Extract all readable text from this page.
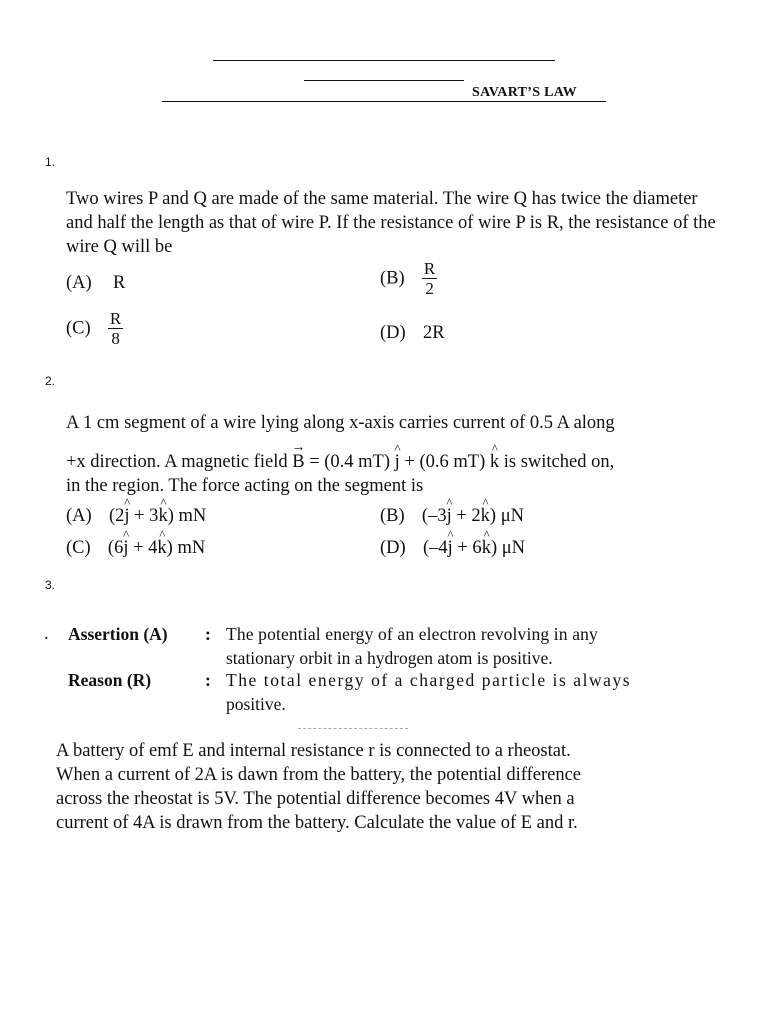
SAVART’S LAW
1.
Two wires P and Q are made of the same material. The wire Q has twice the diameter and half the length as that of wire P. If the resistance of wire P is R, the resistance of the wire Q will be
(A) R	$(B) \frac{R}{2}$
$(C) \frac{R}{8}$	(D) 2R
2.
A 1 cm segment of a wire lying along x-axis carries current of 0.5 A along
+x direction. A magnetic field → B = (0.4 mT) ^ j + (0.6 mT) ^ k is switched on,
in the region. The force acting on the segment is
(A) (2^ j + 3^ k) mN	(B) (–3^ j + 2^ k) μN
(C) (6^ j + 4^ k) mN	(D) (–4^ j + 6^ k) μN
3.
. Assertion (A) : The potential energy of an electron revolving in any
stationary orbit in a hydrogen atom is positive.
Reason (R)	: The total energy of a charged particle is always
positive.
A battery of emf E and internal resistance r is connected to a rheostat.
When a current of 2A is dawn from the battery, the potential difference
across the rheostat is 5V. The potential difference becomes 4V when a
current of 4A is drawn from the battery. Calculate the value of E and r.
